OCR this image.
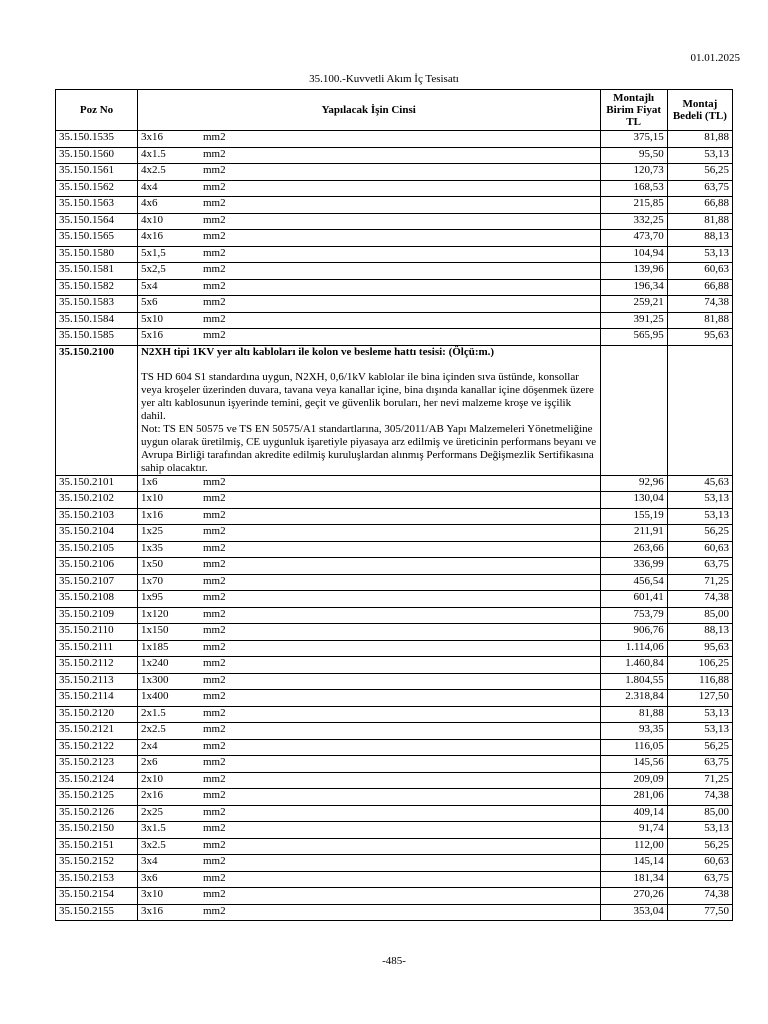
01.01.2025
35.100.-Kuvvetli Akım İç Tesisatı
Poz No	Yapılacak İşin Cinsi	Montajlı Birim Fiyat TL	Montaj Bedeli (TL)
35.150.1535	3x16 mm2	375,15	81,88
35.150.1560	4x1.5 mm2	95,50	53,13
35.150.1561	4x2.5 mm2	120,73	56,25
35.150.1562	4x4 mm2	168,53	63,75
35.150.1563	4x6 mm2	215,85	66,88
35.150.1564	4x10 mm2	332,25	81,88
35.150.1565	4x16 mm2	473,70	88,13
35.150.1580	5x1,5 mm2	104,94	53,13
35.150.1581	5x2,5 mm2	139,96	60,63
35.150.1582	5x4 mm2	196,34	66,88
35.150.1583	5x6 mm2	259,21	74,38
35.150.1584	5x10 mm2	391,25	81,88
35.150.1585	5x16 mm2	565,95	95,63
35.150.2100	N2XH tipi 1KV yer altı kabloları ile kolon ve besleme hattı tesisi: (Ölçü:m.)
TS HD 604 S1 standardına uygun, N2XH, 0,6/1kV kablolar ile bina içinden sıva üstünde, konsollar veya kroşeler üzerinden duvara, tavana veya kanallar içine, bina dışında kanallar içine döşenmek üzere yer altı kablosunun işyerinde temini, geçit ve güvenlik boruları, her nevi malzeme kroşe ve işçilik dahil.
Not: TS EN 50575 ve TS EN 50575/A1 standartlarına, 305/2011/AB Yapı Malzemeleri Yönetmeliğine uygun olarak üretilmiş, CE uygunluk işaretiyle piyasaya arz edilmiş ve üreticinin performans beyanı ve Avrupa Birliği tarafından akredite edilmiş kuruluşlardan alınmış Performans Değişmezlik Sertifikasına sahip olacaktır.		

35.150.2101	1x6 mm2	92,96	45,63
35.150.2102	1x10 mm2	130,04	53,13
35.150.2103	1x16 mm2	155,19	53,13
35.150.2104	1x25 mm2	211,91	56,25
35.150.2105	1x35 mm2	263,66	60,63
35.150.2106	1x50 mm2	336,99	63,75
35.150.2107	1x70 mm2	456,54	71,25
35.150.2108	1x95 mm2	601,41	74,38
35.150.2109	1x120 mm2	753,79	85,00
35.150.2110	1x150 mm2	906,76	88,13
35.150.2111	1x185 mm2	1.114,06	95,63
35.150.2112	1x240 mm2	1.460,84	106,25
35.150.2113	1x300 mm2	1.804,55	116,88
35.150.2114	1x400 mm2	2.318,84	127,50
35.150.2120	2x1.5 mm2	81,88	53,13
35.150.2121	2x2.5 mm2	93,35	53,13
35.150.2122	2x4 mm2	116,05	56,25
35.150.2123	2x6 mm2	145,56	63,75
35.150.2124	2x10 mm2	209,09	71,25
35.150.2125	2x16 mm2	281,06	74,38
35.150.2126	2x25 mm2	409,14	85,00
35.150.2150	3x1.5 mm2	91,74	53,13
35.150.2151	3x2.5 mm2	112,00	56,25
35.150.2152	3x4 mm2	145,14	60,63
35.150.2153	3x6 mm2	181,34	63,75
35.150.2154	3x10 mm2	270,26	74,38
35.150.2155	3x16 mm2	353,04	77,50
-485-
